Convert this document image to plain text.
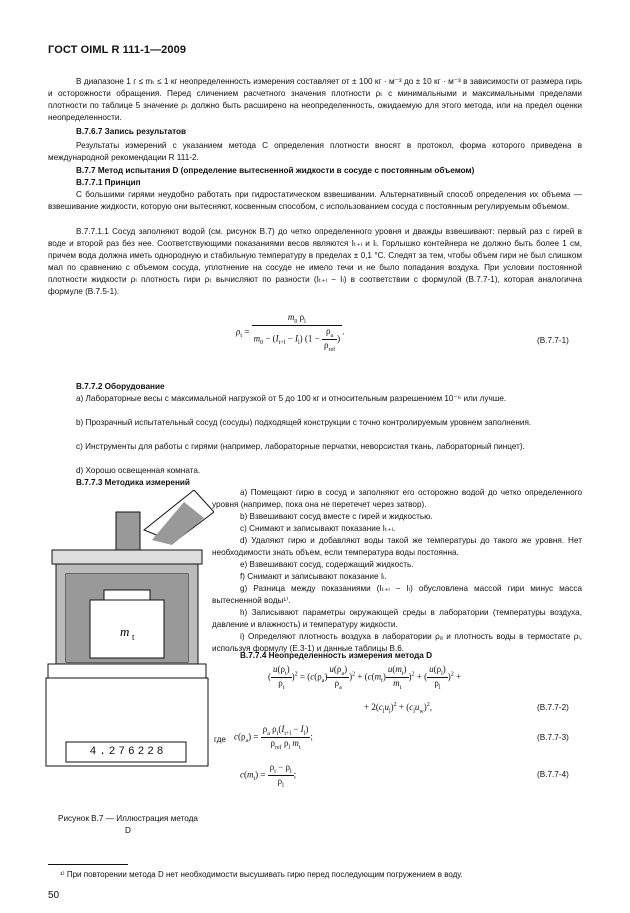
ГОСТ OIML R 111-1—2009
В диапазоне 1 г ≤ mₜ ≤ 1 кг неопределенность измерения составляет от ± 100 кг · м⁻³ до ± 10 кг · м⁻³ в зависимости от размера гирь и осторожности обращения. Перед сличением расчетного значения плотности ρₜ с минимальными и максимальными пределами плотности по таблице 5 значение ρₜ должно быть расширено на неопределенность, ожидаемую для этого метода, или на предел оценки неопределенности.
B.7.6.7 Запись результатов
Результаты измерений с указанием метода С определения плотности вносят в протокол, форма которого приведена в международной рекомендации R 111-2.
B.7.7 Метод испытания D (определение вытесненной жидкости в сосуде с постоянным объемом)
B.7.7.1 Принцип
С большими гирями неудобно работать при гидростатическом взвешивании. Альтернативный способ определения их объема — взвешивание жидкости, которую они вытесняют, косвенным способом, с использованием сосуда с постоянным регулируемым объемом.
B.7.7.1.1 Сосуд заполняют водой (см. рисунок В.7) до четко определенного уровня и дважды взвешивают: первый раз с гирей в воде и второй раз без нее. Соответствующими показаниями весов являются Iₜ₊ₗ и Iₗ. Горлышко контейнера не должно быть более 1 см, причем вода должна иметь однородную и стабильную температуру в пределах ± 0,1 °С. Следят за тем, чтобы объем гири не был слишком мал по сравнению с объемом сосуда, уплотнение на сосуде не имело течи и не было попадания воздуха. При условии постоянной плотности жидкости ρₗ плотность гири ρₜ вычисляют по разности (Iₜ₊ₗ − Iₗ) в соответствии с формулой (В.7.7-1), которая аналогична формуле (В.7.5-1).
$\rho_t = \frac{m_0 \rho_l}{m_0 - (I_{t+l} - I_l) (1 - \frac{\rho_a}{\rho_{ref}} )}$ .
(В.7.7-1)
B.7.7.2 Оборудование
a) Лабораторные весы с максимальной нагрузкой от 5 до 100 кг и относительным разрешением 10⁻⁶ или лучше.
b) Прозрачный испытательный сосуд (сосуды) подходящей конструкции с точно контролируемым уровнем заполнения.
c) Инструменты для работы с гирями (например, лабораторные перчатки, неворсистая ткань, лабораторный пинцет).
d) Хорошо освещенная комната.
B.7.7.3 Методика измерений
a) Помещают гирю в сосуд и заполняют его осторожно водой до четко определенного уровня (например, пока она не перетечет через затвор).
b) Взвешивают сосуд вместе с гирей и жидкостью.
c) Снимают и записывают показание Iₜ₊ₗ.
d) Удаляют гирю и добавляют воды такой же температуры до такого же уровня. Нет необходимости знать объем, если температура воды постоянна.
e) Взвешивают сосуд, содержащий жидкость.
f) Снимают и записывают показание Iₗ.
g) Разница между показаниями (Iₜ₊ₗ − Iₗ) обусловлена массой гири минус масса вытесненной воды¹⁾.
h) Записывают параметры окружающей среды в лаборатории (температуры воздуха, давление и влажность) и температуру жидкости.
i) Определяют плотность воздуха в лаборатории ρₐ и плотность воды в термостате ρₗ, используя формулу (Е.3-1) и данные таблицы В.6.
B.7.7.4 Неопределенность измерения метода D
m t
4.276228
Рисунок В.7 — Иллюстрация метода D
( $\frac{u(\rho_t)}{\rho_t} )^2 = (c(\rho_a) \frac{u(\rho_a)}{\rho_a} )^2 + (c(m_t) \frac{u(m_t)}{m_t} )^2$ + ( $\frac{u(\rho_l)}{\rho_l} )^2$ +
+ $2(c_lu_l)^2 + (c_lu_w)^2$,	(В.7.7-2)
где $c(\rho_a) = \frac{\rho_a \rho_t(I_{t+l} - I_l)}{\rho_{ref} \rho_l m_t}$ ;	(В.7.7-3)
$c(m_t) = \frac{\rho_t - \rho_l}{\rho_l}$ ;	(В.7.7-4)
¹⁾ При повторении метода D нет необходимости высушивать гирю перед последующим погружением в воду.
50
